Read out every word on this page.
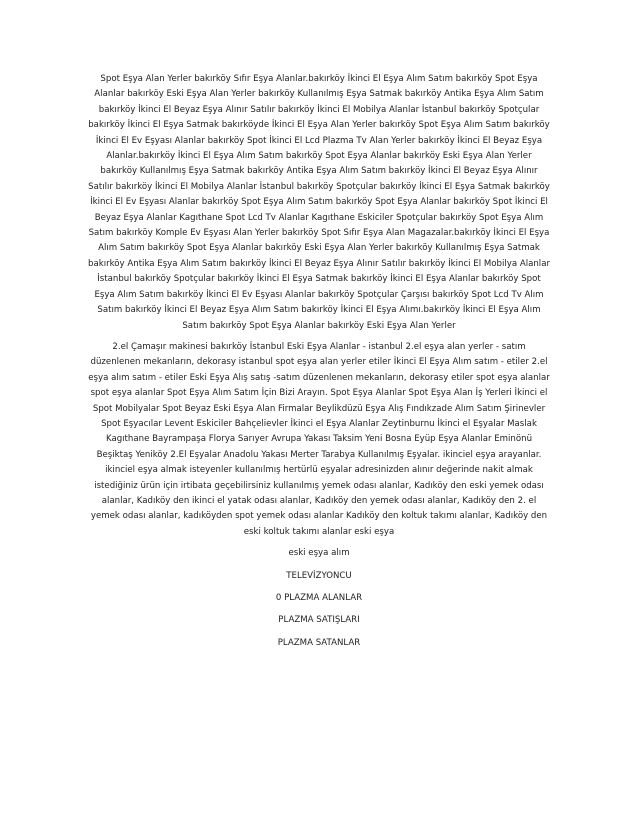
Spot Eşya Alan Yerler bakırköy Sıfır Eşya Alanlar.bakırköy İkinci El Eşya Alım Satım bakırköy Spot Eşya Alanlar bakırköy Eski Eşya Alan Yerler bakırköy Kullanılmış Eşya Satmak bakırköy Antika Eşya Alım Satım bakırköy İkinci El Beyaz Eşya Alınır Satılır bakırköy İkinci El Mobilya Alanlar İstanbul bakırköy Spotçular bakırköy İkinci El Eşya Satmak bakırköyde İkinci El Eşya Alan Yerler bakırköy Spot Eşya Alım Satım bakırköy İkinci El Ev Eşyası Alanlar bakırköy Spot İkinci El Lcd Plazma Tv Alan Yerler bakırköy İkinci El Beyaz Eşya Alanlar.bakırköy İkinci El Eşya Alım Satım bakırköy Spot Eşya Alanlar bakırköy Eski Eşya Alan Yerler bakırköy Kullanılmış Eşya Satmak bakırköy Antika Eşya Alım Satım bakırköy İkinci El Beyaz Eşya Alınır Satılır bakırköy İkinci El Mobilya Alanlar İstanbul bakırköy Spotçular bakırköy İkinci El Eşya Satmak bakırköy İkinci El Ev Eşyası Alanlar bakırköy Spot Eşya Alım Satım bakırköy Spot Eşya Alanlar bakırköy Spot İkinci El Beyaz Eşya Alanlar Kagıthane Spot Lcd Tv Alanlar Kagıthane Eskiciler Spotçular bakırköy Spot Eşya Alım Satım bakırköy Komple Ev Eşyası Alan Yerler bakırköy Spot Sıfır Eşya Alan Magazalar.bakırköy İkinci El Eşya Alım Satım bakırköy Spot Eşya Alanlar bakırköy Eski Eşya Alan Yerler bakırköy Kullanılmış Eşya Satmak bakırköy Antika Eşya Alım Satım bakırköy İkinci El Beyaz Eşya Alınır Satılır bakırköy İkinci El Mobilya Alanlar İstanbul bakırköy Spotçular bakırköy İkinci El Eşya Satmak bakırköy İkinci El Eşya Alanlar bakırköy Spot Eşya Alım Satım bakırköy İkinci El Ev Eşyası Alanlar bakırköy Spotçular Çarşısı bakırköy Spot Lcd Tv Alım Satım bakırköy İkinci El Beyaz Eşya Alım Satım bakırköy İkinci El Eşya Alımı.bakırköy İkinci El Eşya Alım Satım bakırköy Spot Eşya Alanlar bakırköy Eski Eşya Alan Yerler

2.el Çamaşır makinesi bakırköy İstanbul Eski Eşya Alanlar - istanbul 2.el eşya alan yerler - satım düzenlenen mekanların, dekorasy istanbul spot eşya alan yerler etiler İkinci El Eşya Alım satım - etiler 2.el eşya alım satım - etiler Eski Eşya Alış satış -satım düzenlenen mekanların, dekorasy etiler spot eşya alanlar spot eşya alanlar Spot Eşya Alım Satım İçin Bizi Arayın. Spot Eşya Alanlar Spot Eşya Alan İş Yerleri İkinci el Spot Mobilyalar Spot Beyaz Eski Eşya Alan Firmalar Beylikdüzü Eşya Alış Fındıkzade Alım Satım Şirinevler Spot Eşyacılar Levent Eskiciler Bahçelievler İkinci el Eşya Alanlar Zeytinburnu İkinci el Eşyalar Maslak Kagıthane Bayrampaşa Florya Sarıyer Avrupa Yakası Taksim Yeni Bosna Eyüp Eşya Alanlar Eminönü Beşiktaş Yeniköy 2.El Eşyalar Anadolu Yakası Merter Tarabya Kullanılmış Eşyalar. ikinciel eşya arayanlar. ikinciel eşya almak isteyenler kullanılmış hertürlü eşyalar adresinizden alınır değerinde nakit almak istediğiniz ürün için irtibata geçebilirsiniz kullanılmış yemek odası alanlar, Kadıköy den eski yemek odası alanlar, Kadıköy den ikinci el yatak odası alanlar, Kadıköy den yemek odası alanlar, Kadıköy den 2. el yemek odası alanlar, kadıköyden spot yemek odası alanlar Kadıköy den koltuk takımı alanlar, Kadıköy den eski koltuk takımı alanlar eski eşya

eski eşya alım

TELEVİZYONCU

0 PLAZMA ALANLAR

PLAZMA SATIŞLARI

PLAZMA SATANLAR
